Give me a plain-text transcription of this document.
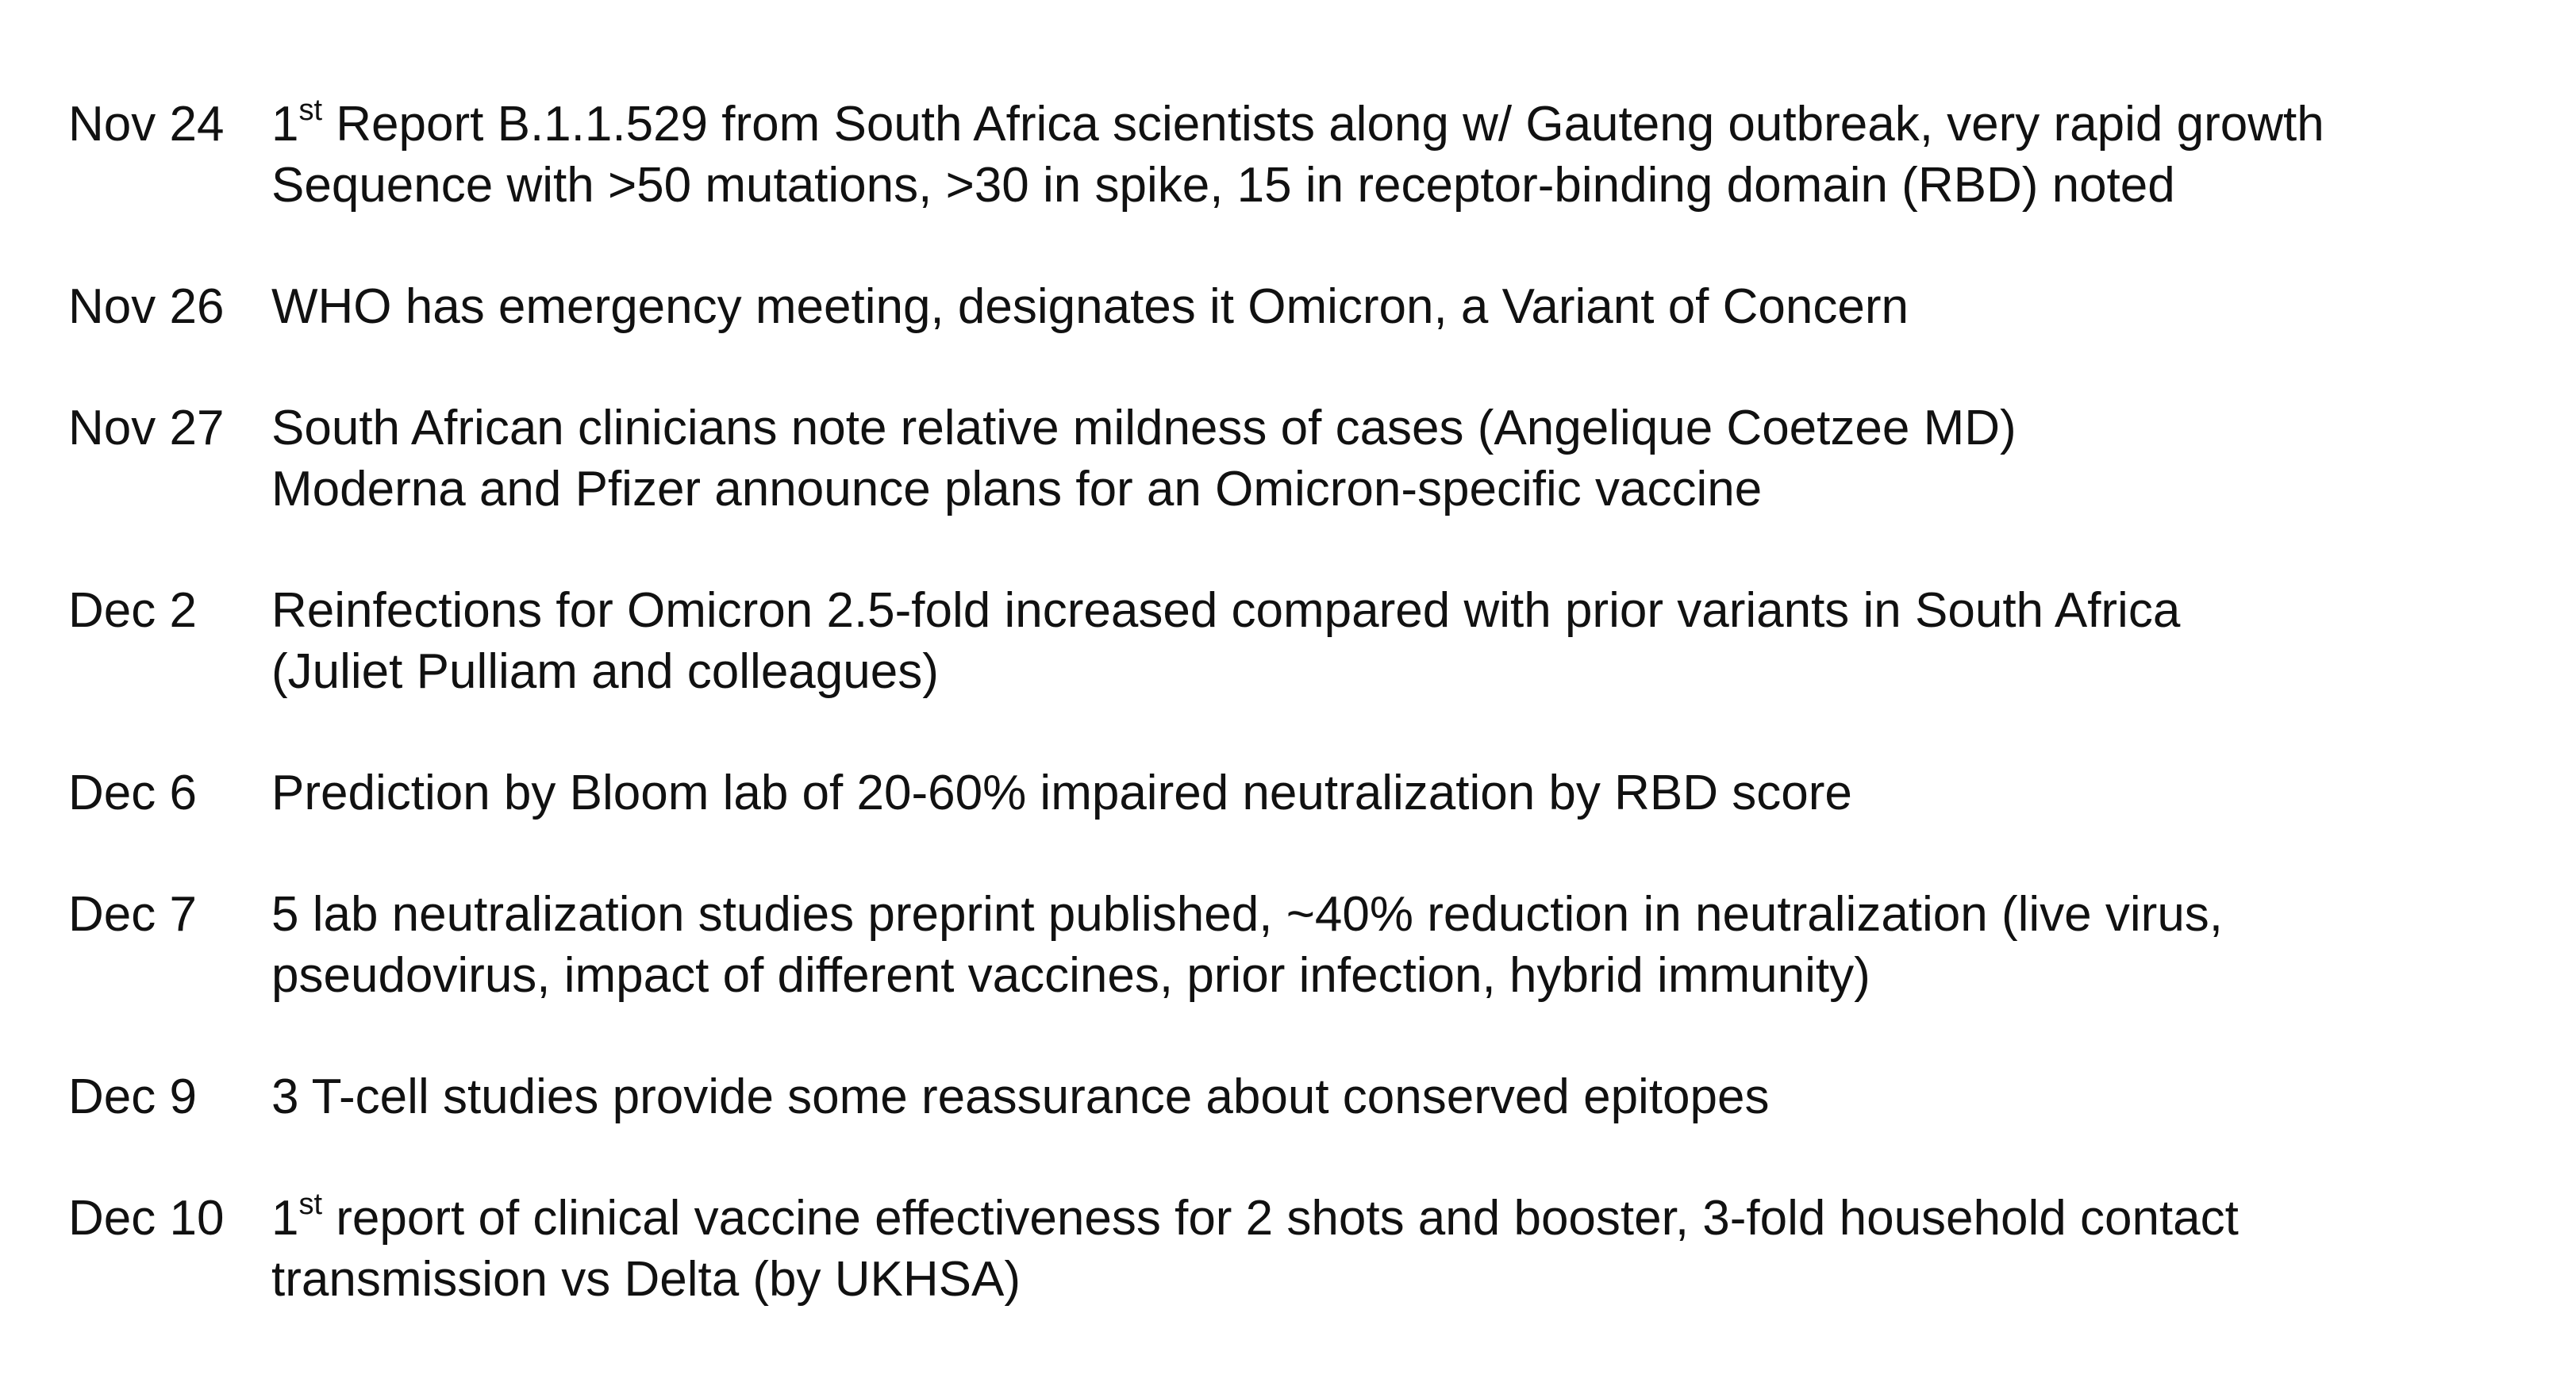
Nov 24 1st Report B.1.1.529 from South Africa scientists along w/ Gauteng outbreak, very rapid growth
Sequence with >50 mutations, >30 in spike, 15 in receptor-binding domain (RBD) noted
Nov 26 WHO has emergency meeting, designates it Omicron, a Variant of Concern
Nov 27 South African clinicians note relative mildness of cases (Angelique Coetzee MD)
Moderna and Pfizer announce plans for an Omicron-specific vaccine
Dec 2	Reinfections for Omicron 2.5-fold increased compared with prior variants in South Africa
(Juliet Pulliam and colleagues)
Dec 6	Prediction by Bloom lab of 20-60% impaired neutralization by RBD score
Dec 7	5 lab neutralization studies preprint published, ~40% reduction in neutralization (live virus,
pseudovirus, impact of different vaccines, prior infection, hybrid immunity)
Dec 9	3 T-cell studies provide some reassurance about conserved epitopes
Dec 10 1st report of clinical vaccine effectiveness for 2 shots and booster, 3-fold household contact
transmission vs Delta (by UKHSA)
